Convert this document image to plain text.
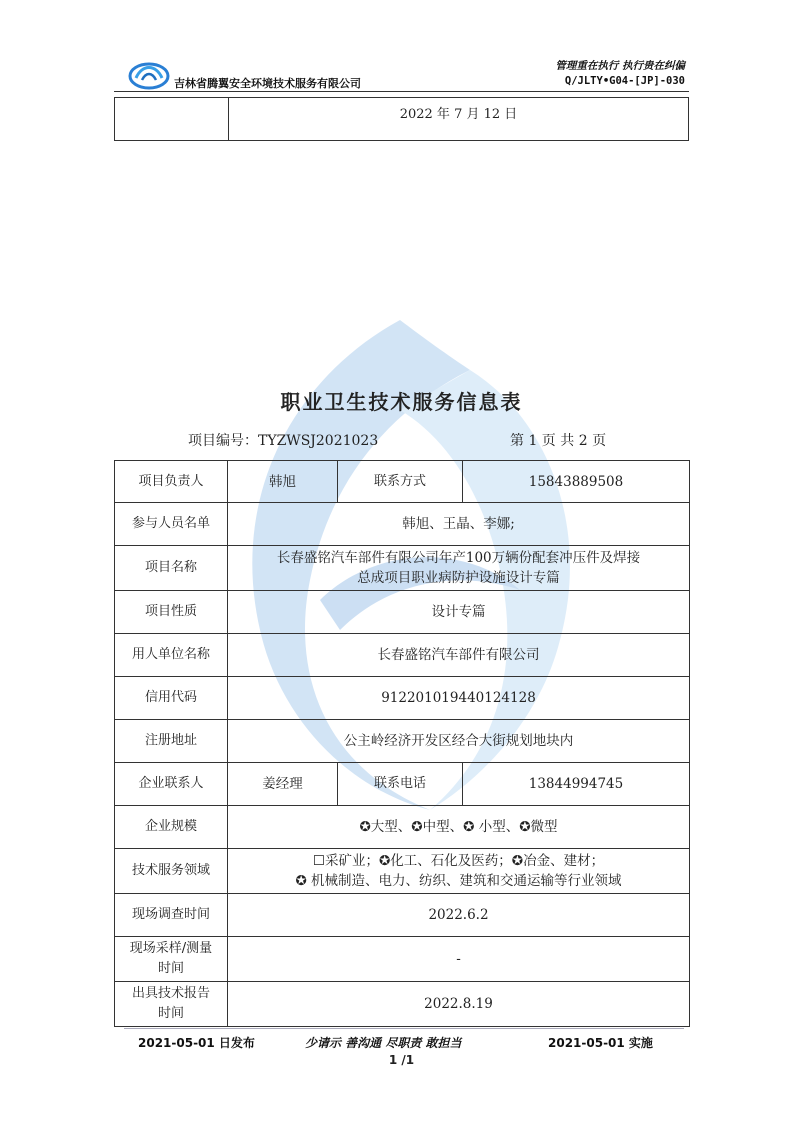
吉林省腾翼安全环境技术服务有限公司
管理重在执行 执行贵在纠偏
Q/JLTY•G04-[JP]-030
2022 年 7 月 12 日
职业卫生技术服务信息表
项目编号：TYZWSJ2021023	第 1 页 共 2 页
项目负责人	韩旭	联系方式	15843889508
参与人员名单	韩旭、王晶、李娜;		
项目名称	长春盛铭汽车部件有限公司年产100万辆份配套冲压件及焊接
总成项目职业病防护设施设计专篇		

项目性质	设计专篇		
用人单位名称	长春盛铭汽车部件有限公司		
信用代码	912201019440124128		
注册地址	公主岭经济开发区经合大街规划地块内		
企业联系人	姜经理	联系电话	13844994745
企业规模	✪大型、✪中型、✪ 小型、✪微型		
技术服务领域	☐采矿业；✪化工、石化及医药；✪冶金、建材；
✪ 机械制造、电力、纺织、建筑和交通运输等行业领域		

现场调查时间	2022.6.2		

现场采样/测量
时间	-		

出具技术报告
时间	2022.8.19		
2021-05-01 日发布	少请示 善沟通 尽职责 敢担当	2021-05-01 实施
1 /1
